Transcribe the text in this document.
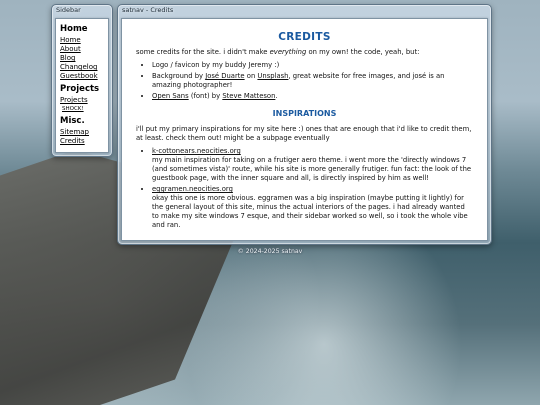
Sidebar
Home
Home
About
Blog
Changelog
Guestbook
Projects
Projects
SHOCK!
Misc.
Sitemap
Credits
satnav - Credits
CREDITS

some credits for the site. i didn't make everything on my own! the code, yeah, but:

• Logo / favicon by my buddy Jeremy :)
• Background by José Duarte on Unsplash, great website for free images, and josé is an amazing photographer!
• Open Sans (font) by Steve Matteson.
INSPIRATIONS

i'll put my primary inspirations for my site here :) ones that are enough that i'd like to credit them, at least. check them out! might be a subpage eventually

• k-cottonears.neocities.org
my main inspiration for taking on a frutiger aero theme. i went more the 'directly windows 7 (and sometimes vista)' route, while his site is more generally frutiger. fun fact: the look of the guestbook page, with the inner square and all, is directly inspired by him as well!
• eggramen.neocities.org
okay this one is more obvious. eggramen was a big inspiration (maybe putting it lightly) for the general layout of this site, minus the actual interiors of the pages. i had already wanted to make my site windows 7 esque, and their sidebar worked so well, so i took the whole vibe and ran.
© 2024-2025 satnav
